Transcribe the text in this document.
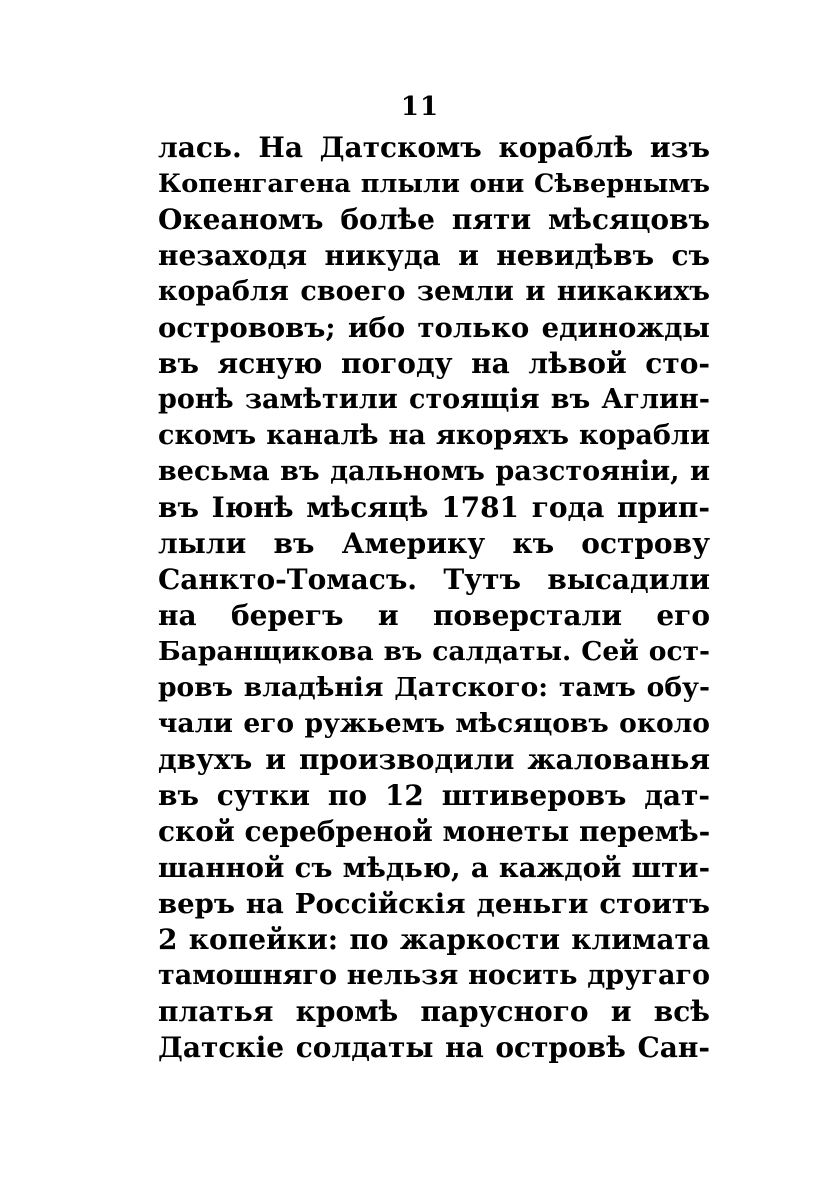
11
лась. На Датскомъ кораблѣ изъ
Копенгагена плыли они Сѣвернымъ
Океаномъ болѣе пяти мѣсяцовъ
незаходя никуда и невидѣвъ съ
корабля своего земли и никакихъ
острововъ; ибо только единожды
въ ясную погоду на лѣвой сто-
ронѣ замѣтили стоящія въ Аглин-
скомъ каналѣ на якоряхъ корабли
весьма въ дальномъ разстояніи, и
въ Іюнѣ мѣсяцѣ 1781 года прип-
лыли въ Америку къ острову
Санкто-Томасъ. Тутъ высадили
на берегъ и поверстали его
Баранщикова въ салдаты. Сей ост-
ровъ владѣнія Датского: тамъ обу-
чали его ружьемъ мѣсяцовъ около
двухъ и производили жалованья
въ сутки по 12 штиверовъ дат-
ской серебреной монеты перемѣ-
шанной съ мѣдью, а каждой шти-
веръ на Россійскія деньги стоитъ
2 копейки: по жаркости климата
тамошняго нельзя носить другаго
платья кромѣ парусного и всѣ
Датскіе солдаты на островѣ Сан-
